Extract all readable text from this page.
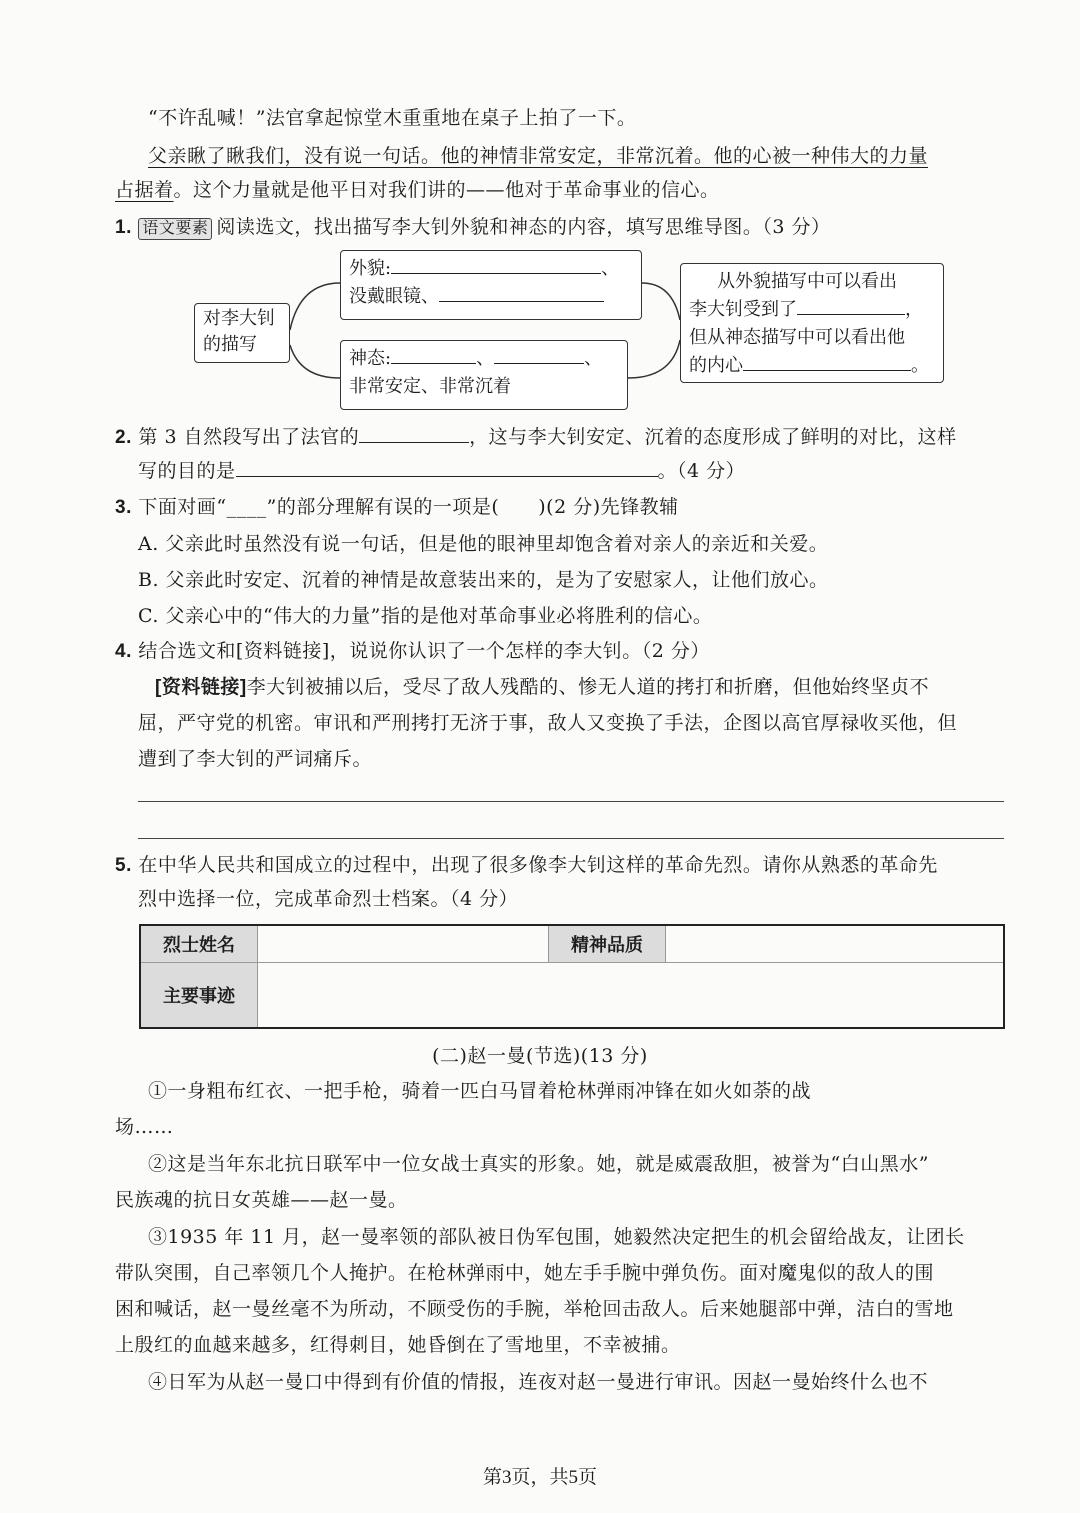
“不许乱喊！”法官拿起惊堂木重重地在桌子上拍了一下。
父亲瞅了瞅我们，没有说一句话。他的神情非常安定，非常沉着。他的心被一种伟大的力量
占据着。这个力量就是他平日对我们讲的——他对于革命事业的信心。
1. 语文要素 阅读选文，找出描写李大钊外貌和神态的内容，填写思维导图。（3 分）
对李大钊的描写
外貌:	、
没戴眼镜、
神态:	、	、
非常安定、非常沉着
从外貌描写中可以看出
李大钊受到了	，
但从神态描写中可以看出他
的内心	。
2. 第 3 自然段写出了法官的	，这与李大钊安定、沉着的态度形成了鲜明的对比，这样
写的目的是	。（4 分）
3. 下面对画“____”的部分理解有误的一项是(　　)(2 分)先锋教辅
A. 父亲此时虽然没有说一句话，但是他的眼神里却饱含着对亲人的亲近和关爱。
B. 父亲此时安定、沉着的神情是故意装出来的，是为了安慰家人，让他们放心。
C. 父亲心中的“伟大的力量”指的是他对革命事业必将胜利的信心。
4. 结合选文和[资料链接]，说说你认识了一个怎样的李大钊。（2 分）
[资料链接]李大钊被捕以后，受尽了敌人残酷的、惨无人道的拷打和折磨，但他始终坚贞不
屈，严守党的机密。审讯和严刑拷打无济于事，敌人又变换了手法，企图以高官厚禄收买他，但
遭到了李大钊的严词痛斥。
5. 在中华人民共和国成立的过程中，出现了很多像李大钊这样的革命先烈。请你从熟悉的革命先
烈中选择一位，完成革命烈士档案。（4 分）
烈士姓名		精神品质	
主要事迹			
(二)赵一曼(节选)(13 分)
①一身粗布红衣、一把手枪，骑着一匹白马冒着枪林弹雨冲锋在如火如荼的战
场……
②这是当年东北抗日联军中一位女战士真实的形象。她，就是威震敌胆，被誉为“白山黑水”
民族魂的抗日女英雄——赵一曼。
③1935 年 11 月，赵一曼率领的部队被日伪军包围，她毅然决定把生的机会留给战友，让团长
带队突围，自己率领几个人掩护。在枪林弹雨中，她左手手腕中弹负伤。面对魔鬼似的敌人的围
困和喊话，赵一曼丝毫不为所动，不顾受伤的手腕，举枪回击敌人。后来她腿部中弹，洁白的雪地
上殷红的血越来越多，红得刺目，她昏倒在了雪地里，不幸被捕。
④日军为从赵一曼口中得到有价值的情报，连夜对赵一曼进行审讯。因赵一曼始终什么也不
第3页，共5页
